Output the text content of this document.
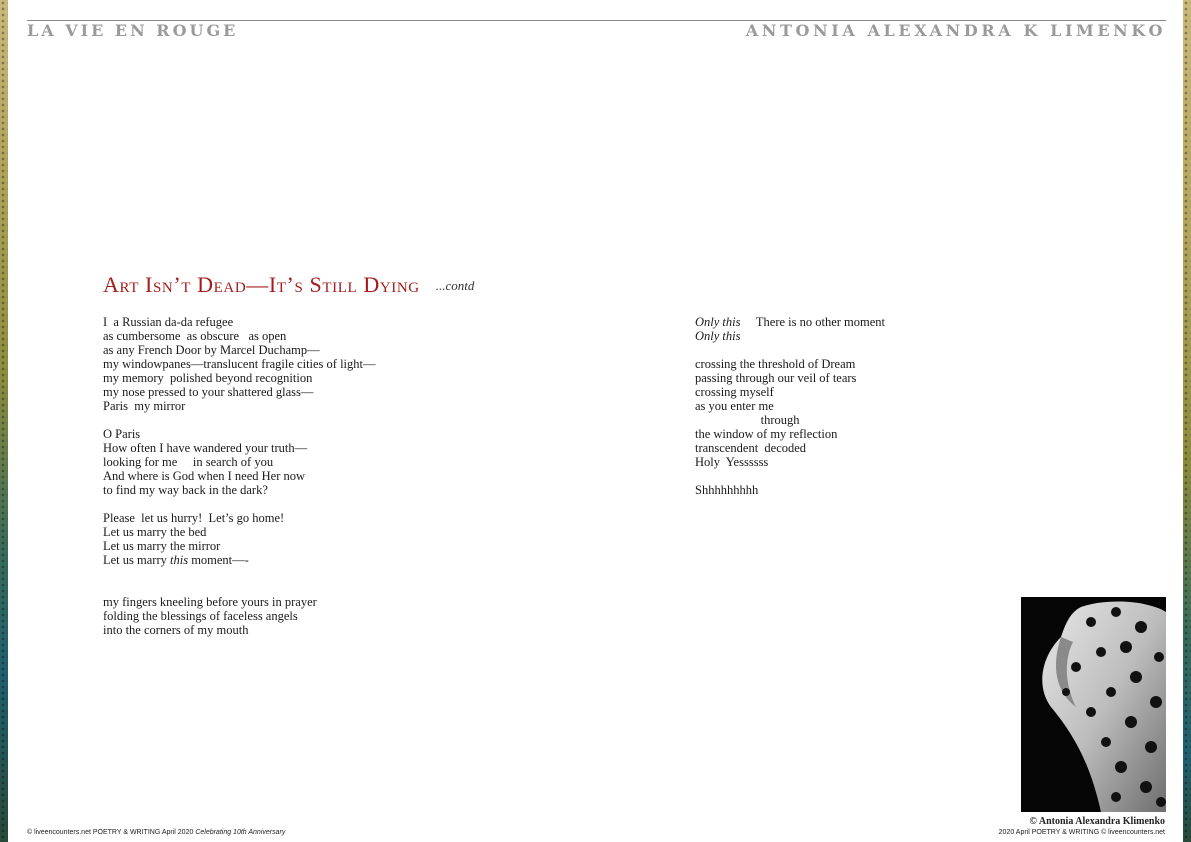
LA VIE EN ROUGE	ANTONIA ALEXANDRA K LIMENKO
Art Isn’t Dead—It’s Still Dying ...contd
I  a Russian da-da refugee
as cumbersome  as obscure   as open
as any French Door by Marcel Duchamp—
my windowpanes—translucent fragile cities of light—
my memory  polished beyond recognition
my nose pressed to your shattered glass—
Paris  my mirror
O Paris
How often I have wandered your truth—
looking for me     in search of you
And where is God when I need Her now
to find my way back in the dark?
Please  let us hurry!  Let’s go home!
Let us marry the bed
Let us marry the mirror
Let us marry this moment—-
my fingers kneeling before yours in prayer
folding the blessings of faceless angels
into the corners of my mouth
Only this     There is no other moment
Only this
crossing the threshold of Dream
passing through our veil of tears
crossing myself
as you enter me
through
the window of my reflection
transcendent  decoded
Holy  Yessssss
Shhhhhhhhh
© Antonia Alexandra Klimenko
© liveencounters.net POETRY & WRITING April 2020 Celebrating 10th Anniversary	2020 April POETRY & WRITING © liveencounters.net
